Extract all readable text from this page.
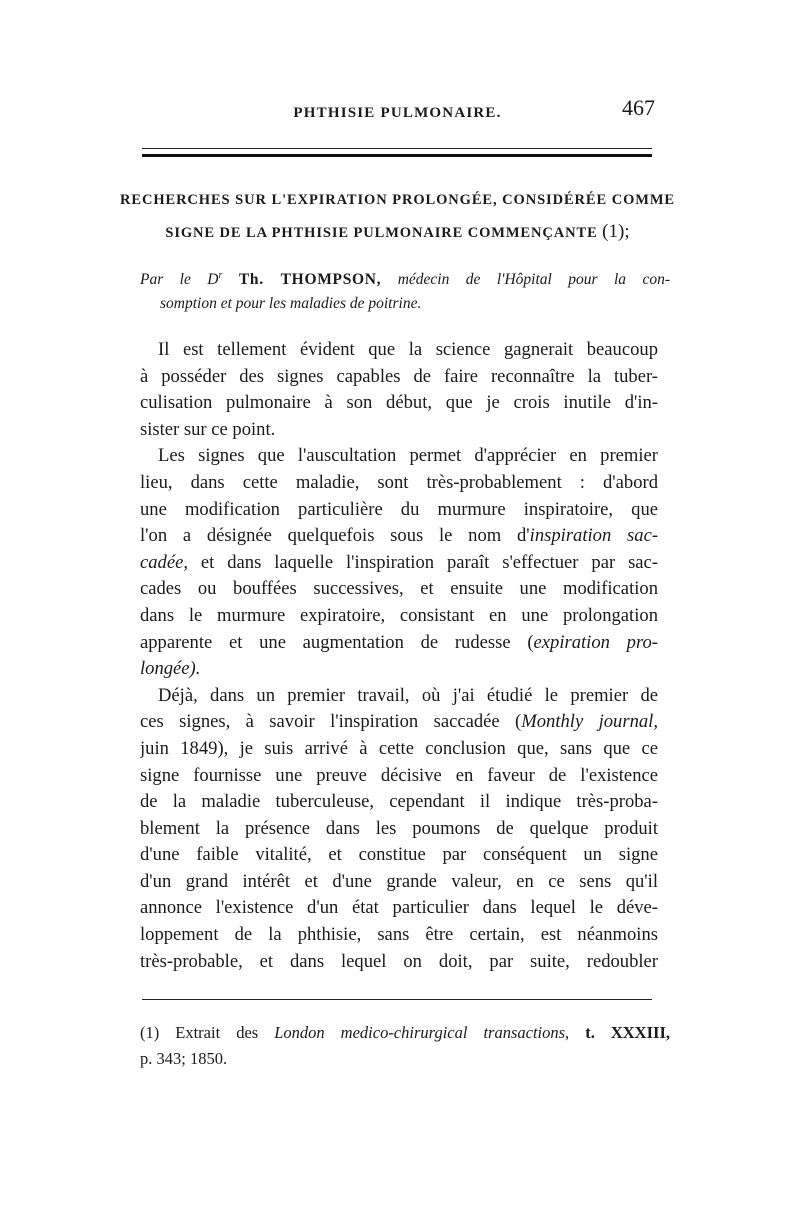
PHTHISIE PULMONAIRE.	467
RECHERCHES SUR L'EXPIRATION PROLONGÉE, CONSIDÉRÉE COMME
SIGNE DE LA PHTHISIE PULMONAIRE COMMENÇANTE (1);
Par le $D^r$ Th. THOMPSON, médecin de l'Hôpital pour la con-
somption et pour les maladies de poitrine.
Il est tellement évident que la science gagnerait beaucoup
à posséder des signes capables de faire reconnaître la tuber-
culisation pulmonaire à son début, que je crois inutile d'in-
sister sur ce point.
Les signes que l'auscultation permet d'apprécier en premier
lieu, dans cette maladie, sont très-probablement : d'abord
une modification particulière du murmure inspiratoire, que
l'on a désignée quelquefois sous le nom d'inspiration sac-
cadée, et dans laquelle l'inspiration paraît s'effectuer par sac-
cades ou bouffées successives, et ensuite une modification
dans le murmure expiratoire, consistant en une prolongation
apparente et une augmentation de rudesse (expiration pro-
longée).
Déjà, dans un premier travail, où j'ai étudié le premier de
ces signes, à savoir l'inspiration saccadée (Monthly journal,
juin 1849), je suis arrivé à cette conclusion que, sans que ce
signe fournisse une preuve décisive en faveur de l'existence
de la maladie tuberculeuse, cependant il indique très-proba-
blement la présence dans les poumons de quelque produit
d'une faible vitalité, et constitue par conséquent un signe
d'un grand intérêt et d'une grande valeur, en ce sens qu'il
annonce l'existence d'un état particulier dans lequel le déve-
loppement de la phthisie, sans être certain, est néanmoins
très-probable, et dans lequel on doit, par suite, redoubler
(1) Extrait des London medico-chirurgical transactions, t. XXXIII,
p. 343; 1850.
